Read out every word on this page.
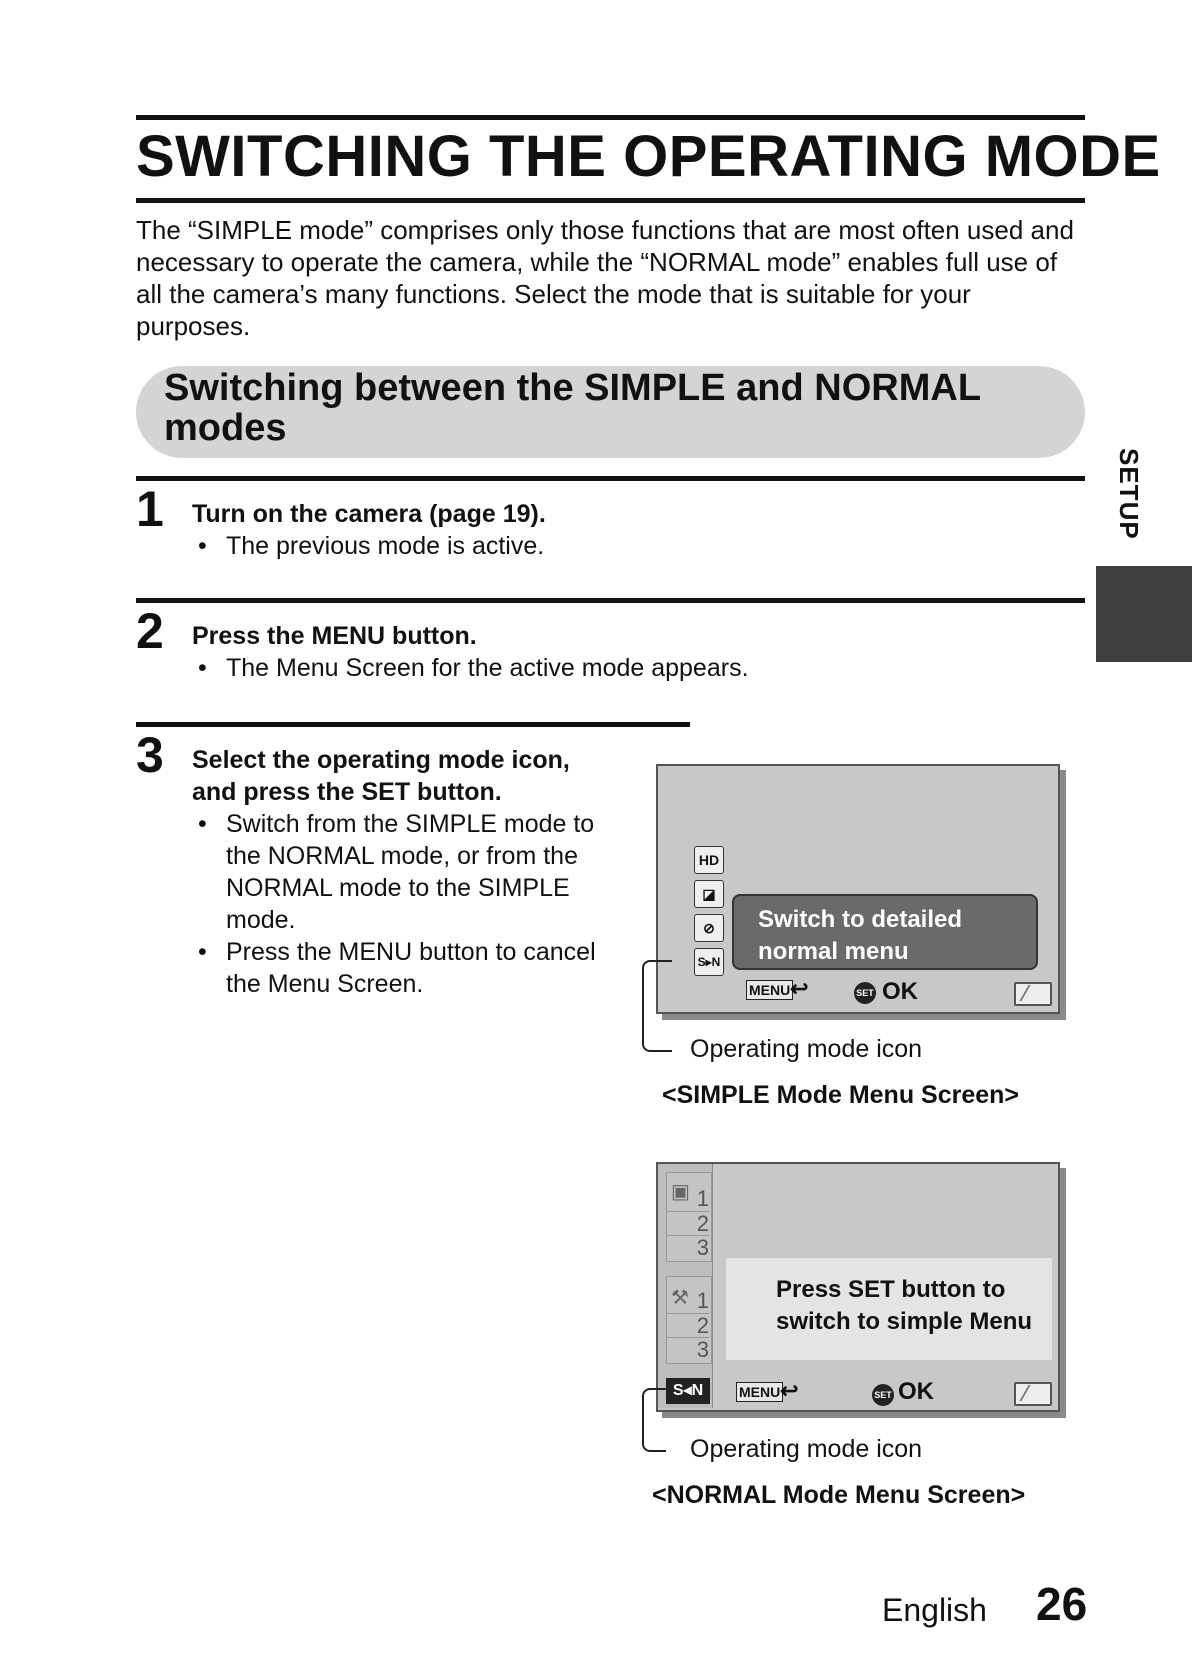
SWITCHING THE OPERATING MODE
The “SIMPLE mode” comprises only those functions that are most often used and necessary to operate the camera, while the “NORMAL mode” enables full use of all the camera’s many functions. Select the mode that is suitable for your purposes.
Switching between the SIMPLE and NORMAL modes
SETUP
1 Turn on the camera (page 19).
• The previous mode is active.
2 Press the MENU button.
• The Menu Screen for the active mode appears.
3 Select the operating mode icon,
and press the SET button.
• Switch from the SIMPLE mode to the NORMAL mode, or from the NORMAL mode to the SIMPLE mode.
• Press the MENU button to cancel the Menu Screen.
HD
◪
⊘
S▸N
Switch to detailed
normal menu
MENU ↩	SET OK
Operating mode icon
<SIMPLE Mode Menu Screen>
▣ 1
2
3
⚒ 1
2
3
Press SET button to
switch to simple Menu
S◂N	MENU ↩	SET OK
Operating mode icon
<NORMAL Mode Menu Screen>
English 26
